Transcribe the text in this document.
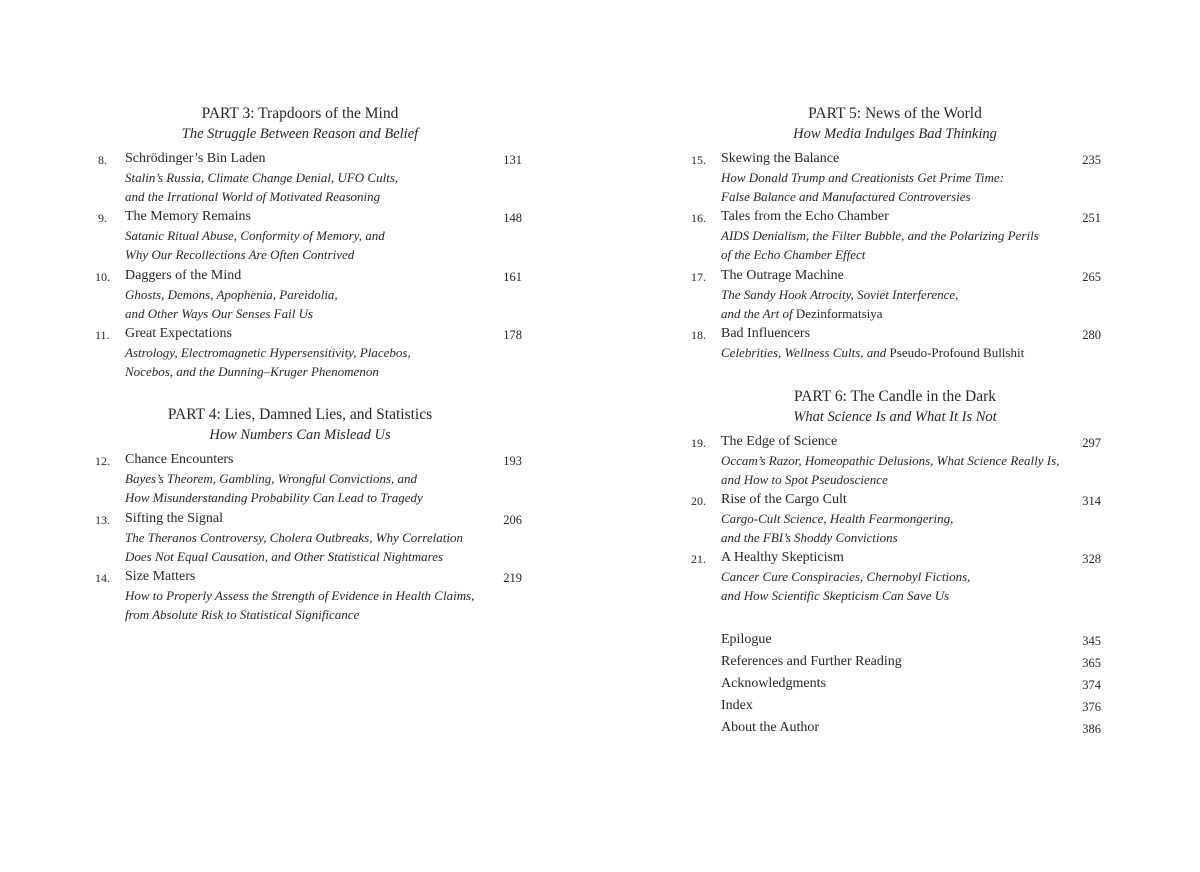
PART 3: Trapdoors of the Mind
The Struggle Between Reason and Belief
8. Schrödinger’s Bin Laden	131
Stalin’s Russia, Climate Change Denial, UFO Cults,
and the Irrational World of Motivated Reasoning
9. The Memory Remains	148
Satanic Ritual Abuse, Conformity of Memory, and
Why Our Recollections Are Often Contrived
10. Daggers of the Mind	161
Ghosts, Demons, Apophenia, Pareidolia,
and Other Ways Our Senses Fail Us
11. Great Expectations	178
Astrology, Electromagnetic Hypersensitivity, Placebos,
Nocebos, and the Dunning–Kruger Phenomenon
PART 4: Lies, Damned Lies, and Statistics
How Numbers Can Mislead Us
12. Chance Encounters	193
Bayes’s Theorem, Gambling, Wrongful Convictions, and
How Misunderstanding Probability Can Lead to Tragedy
13. Sifting the Signal	206
The Theranos Controversy, Cholera Outbreaks, Why Correlation
Does Not Equal Causation, and Other Statistical Nightmares
14. Size Matters	219
How to Properly Assess the Strength of Evidence in Health Claims,
from Absolute Risk to Statistical Significance
PART 5: News of the World
How Media Indulges Bad Thinking
15. Skewing the Balance	235
How Donald Trump and Creationists Get Prime Time:
False Balance and Manufactured Controversies
16. Tales from the Echo Chamber	251
AIDS Denialism, the Filter Bubble, and the Polarizing Perils
of the Echo Chamber Effect
17. The Outrage Machine	265
The Sandy Hook Atrocity, Soviet Interference,
and the Art of Dezinformatsiya
18. Bad Influencers	280
Celebrities, Wellness Cults, and Pseudo-Profound Bullshit
PART 6: The Candle in the Dark
What Science Is and What It Is Not
19. The Edge of Science	297
Occam’s Razor, Homeopathic Delusions, What Science Really Is,
and How to Spot Pseudoscience
20. Rise of the Cargo Cult	314
Cargo-Cult Science, Health Fearmongering,
and the FBI’s Shoddy Convictions
21. A Healthy Skepticism	328
Cancer Cure Conspiracies, Chernobyl Fictions,
and How Scientific Skepticism Can Save Us
Epilogue	345
References and Further Reading	365
Acknowledgments	374
Index	376
About the Author	386
